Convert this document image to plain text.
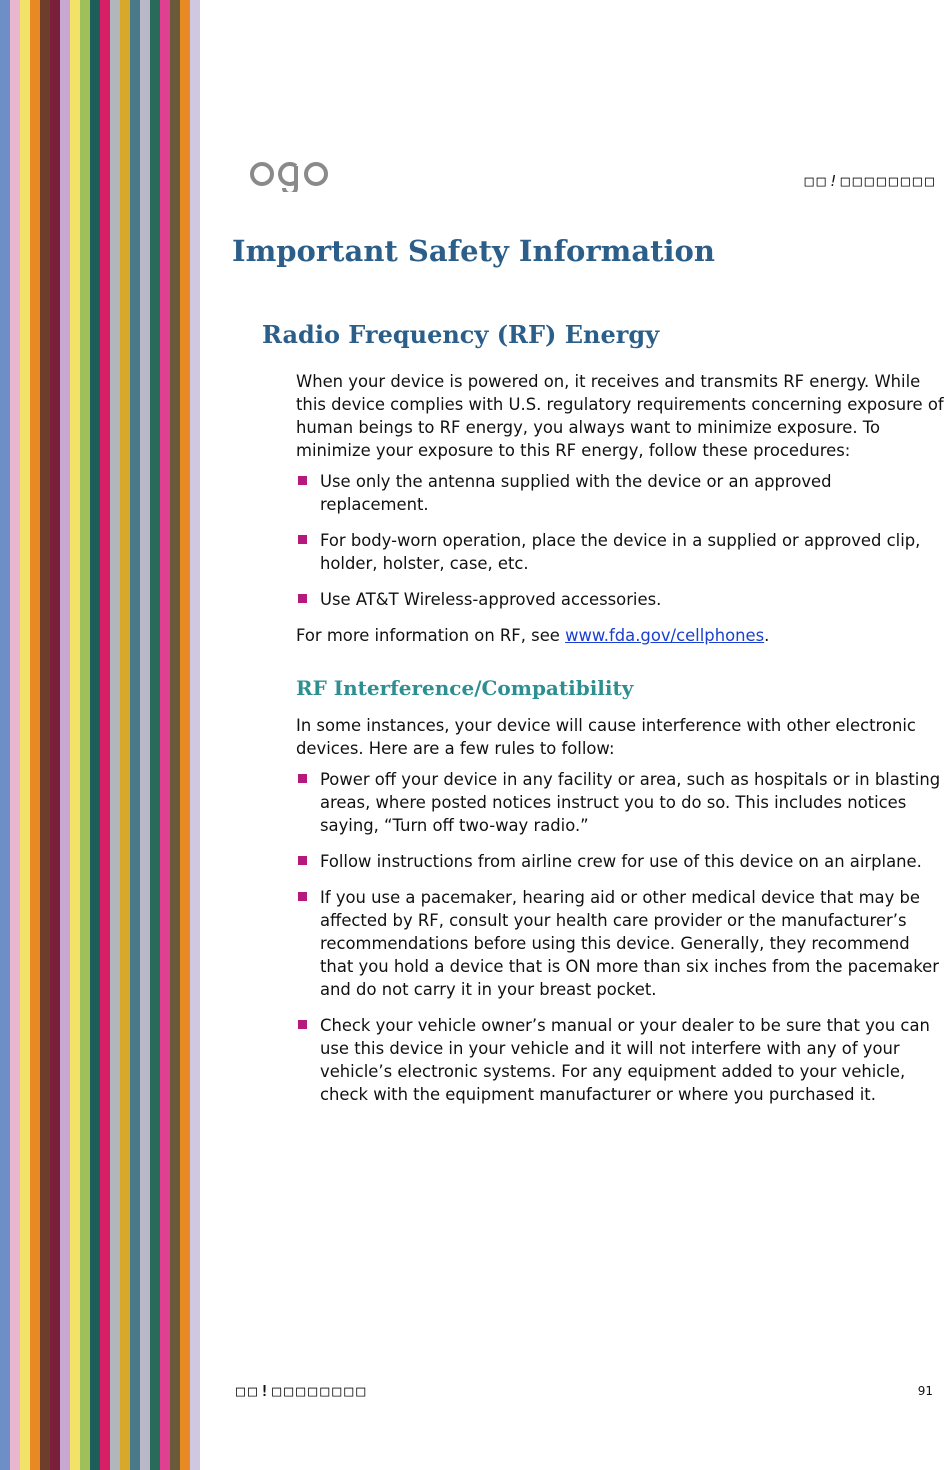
ogo
□□!□□□□□□□□
Important Safety Information
Radio Frequency (RF) Energy

When your device is powered on, it receives and transmits RF energy. While this device complies with U.S. regulatory requirements concerning exposure of human beings to RF energy, you always want to minimize exposure. To minimize your exposure to this RF energy, follow these procedures:

Use only the antenna supplied with the device or an approved replacement.
For body-worn operation, place the device in a supplied or approved clip, holder, holster, case, etc.
Use AT&T Wireless-approved accessories.

For more information on RF, see www.fda.gov/cellphones.

RF Interference/Compatibility

In some instances, your device will cause interference with other electronic devices. Here are a few rules to follow:

Power off your device in any facility or area, such as hospitals or in blasting areas, where posted notices instruct you to do so. This includes notices saying, “Turn off two-way radio.”
Follow instructions from airline crew for use of this device on an airplane.
If you use a pacemaker, hearing aid or other medical device that may be affected by RF, consult your health care provider or the manufacturer’s recommendations before using this device. Generally, they recommend that you hold a device that is ON more than six inches from the pacemaker and do not carry it in your breast pocket.
Check your vehicle owner’s manual or your dealer to be sure that you can use this device in your vehicle and it will not interfere with any of your vehicle’s electronic systems. For any equipment added to your vehicle, check with the equipment manufacturer or where you purchased it.
□□!□□□□□□□□	91
